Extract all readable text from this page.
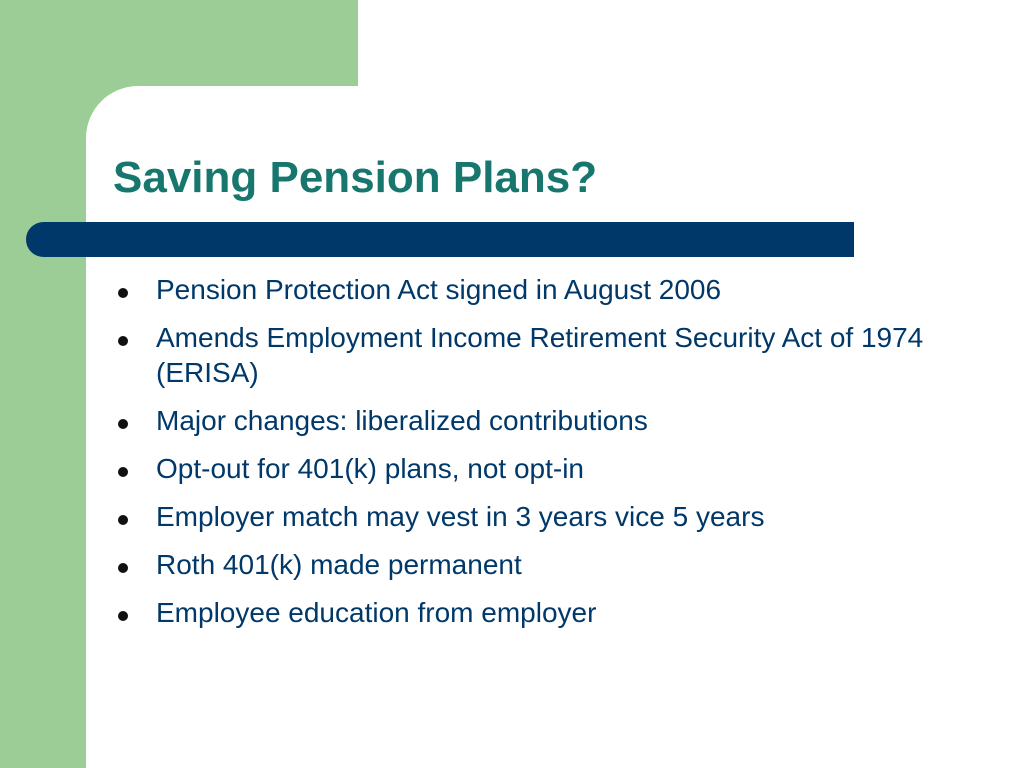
Saving Pension Plans?
Pension Protection Act signed in August 2006
Amends Employment Income Retirement Security Act of 1974 (ERISA)
Major changes: liberalized contributions
Opt-out for 401(k) plans, not opt-in
Employer match may vest in 3 years vice 5 years
Roth 401(k) made permanent
Employee education from employer
